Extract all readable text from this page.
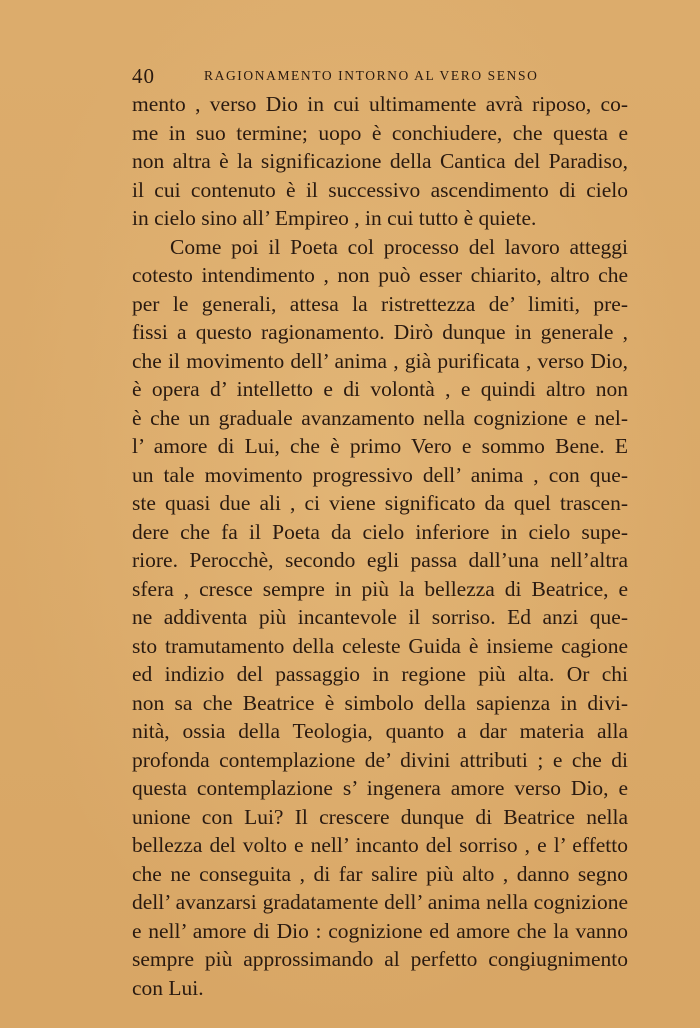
40	RAGIONAMENTO INTORNO AL VERO SENSO
mento , verso Dio in cui ultimamente avrà riposo, co-
me in suo termine; uopo è conchiudere, che questa e
non altra è la significazione della Cantica del Paradiso,
il cui contenuto è il successivo ascendimento di cielo
in cielo sino all’ Empireo , in cui tutto è quiete.
Come poi il Poeta col processo del lavoro atteggi
cotesto intendimento , non può esser chiarito, altro che
per le generali, attesa la ristrettezza de’ limiti, pre-
fissi a questo ragionamento. Dirò dunque in generale ,
che il movimento dell’ anima , già purificata , verso Dio,
è opera d’ intelletto e di volontà , e quindi altro non
è che un graduale avanzamento nella cognizione e nel-
l’ amore di Lui, che è primo Vero e sommo Bene. E
un tale movimento progressivo dell’ anima , con que-
ste quasi due ali , ci viene significato da quel trascen-
dere che fa il Poeta da cielo inferiore in cielo supe-
riore. Perocchè, secondo egli passa dall’una nell’altra
sfera , cresce sempre in più la bellezza di Beatrice, e
ne addiventa più incantevole il sorriso. Ed anzi que-
sto tramutamento della celeste Guida è insieme cagione
ed indizio del passaggio in regione più alta. Or chi
non sa che Beatrice è simbolo della sapienza in divi-
nità, ossia della Teologia, quanto a dar materia alla
profonda contemplazione de’ divini attributi ; e che di
questa contemplazione s’ ingenera amore verso Dio, e
unione con Lui? Il crescere dunque di Beatrice nella
bellezza del volto e nell’ incanto del sorriso , e l’ effetto
che ne conseguita , di far salire più alto , danno segno
dell’ avanzarsi gradatamente dell’ anima nella cognizione
e nell’ amore di Dio : cognizione ed amore che la vanno
sempre più approssimando al perfetto congiugnimento
con Lui.
